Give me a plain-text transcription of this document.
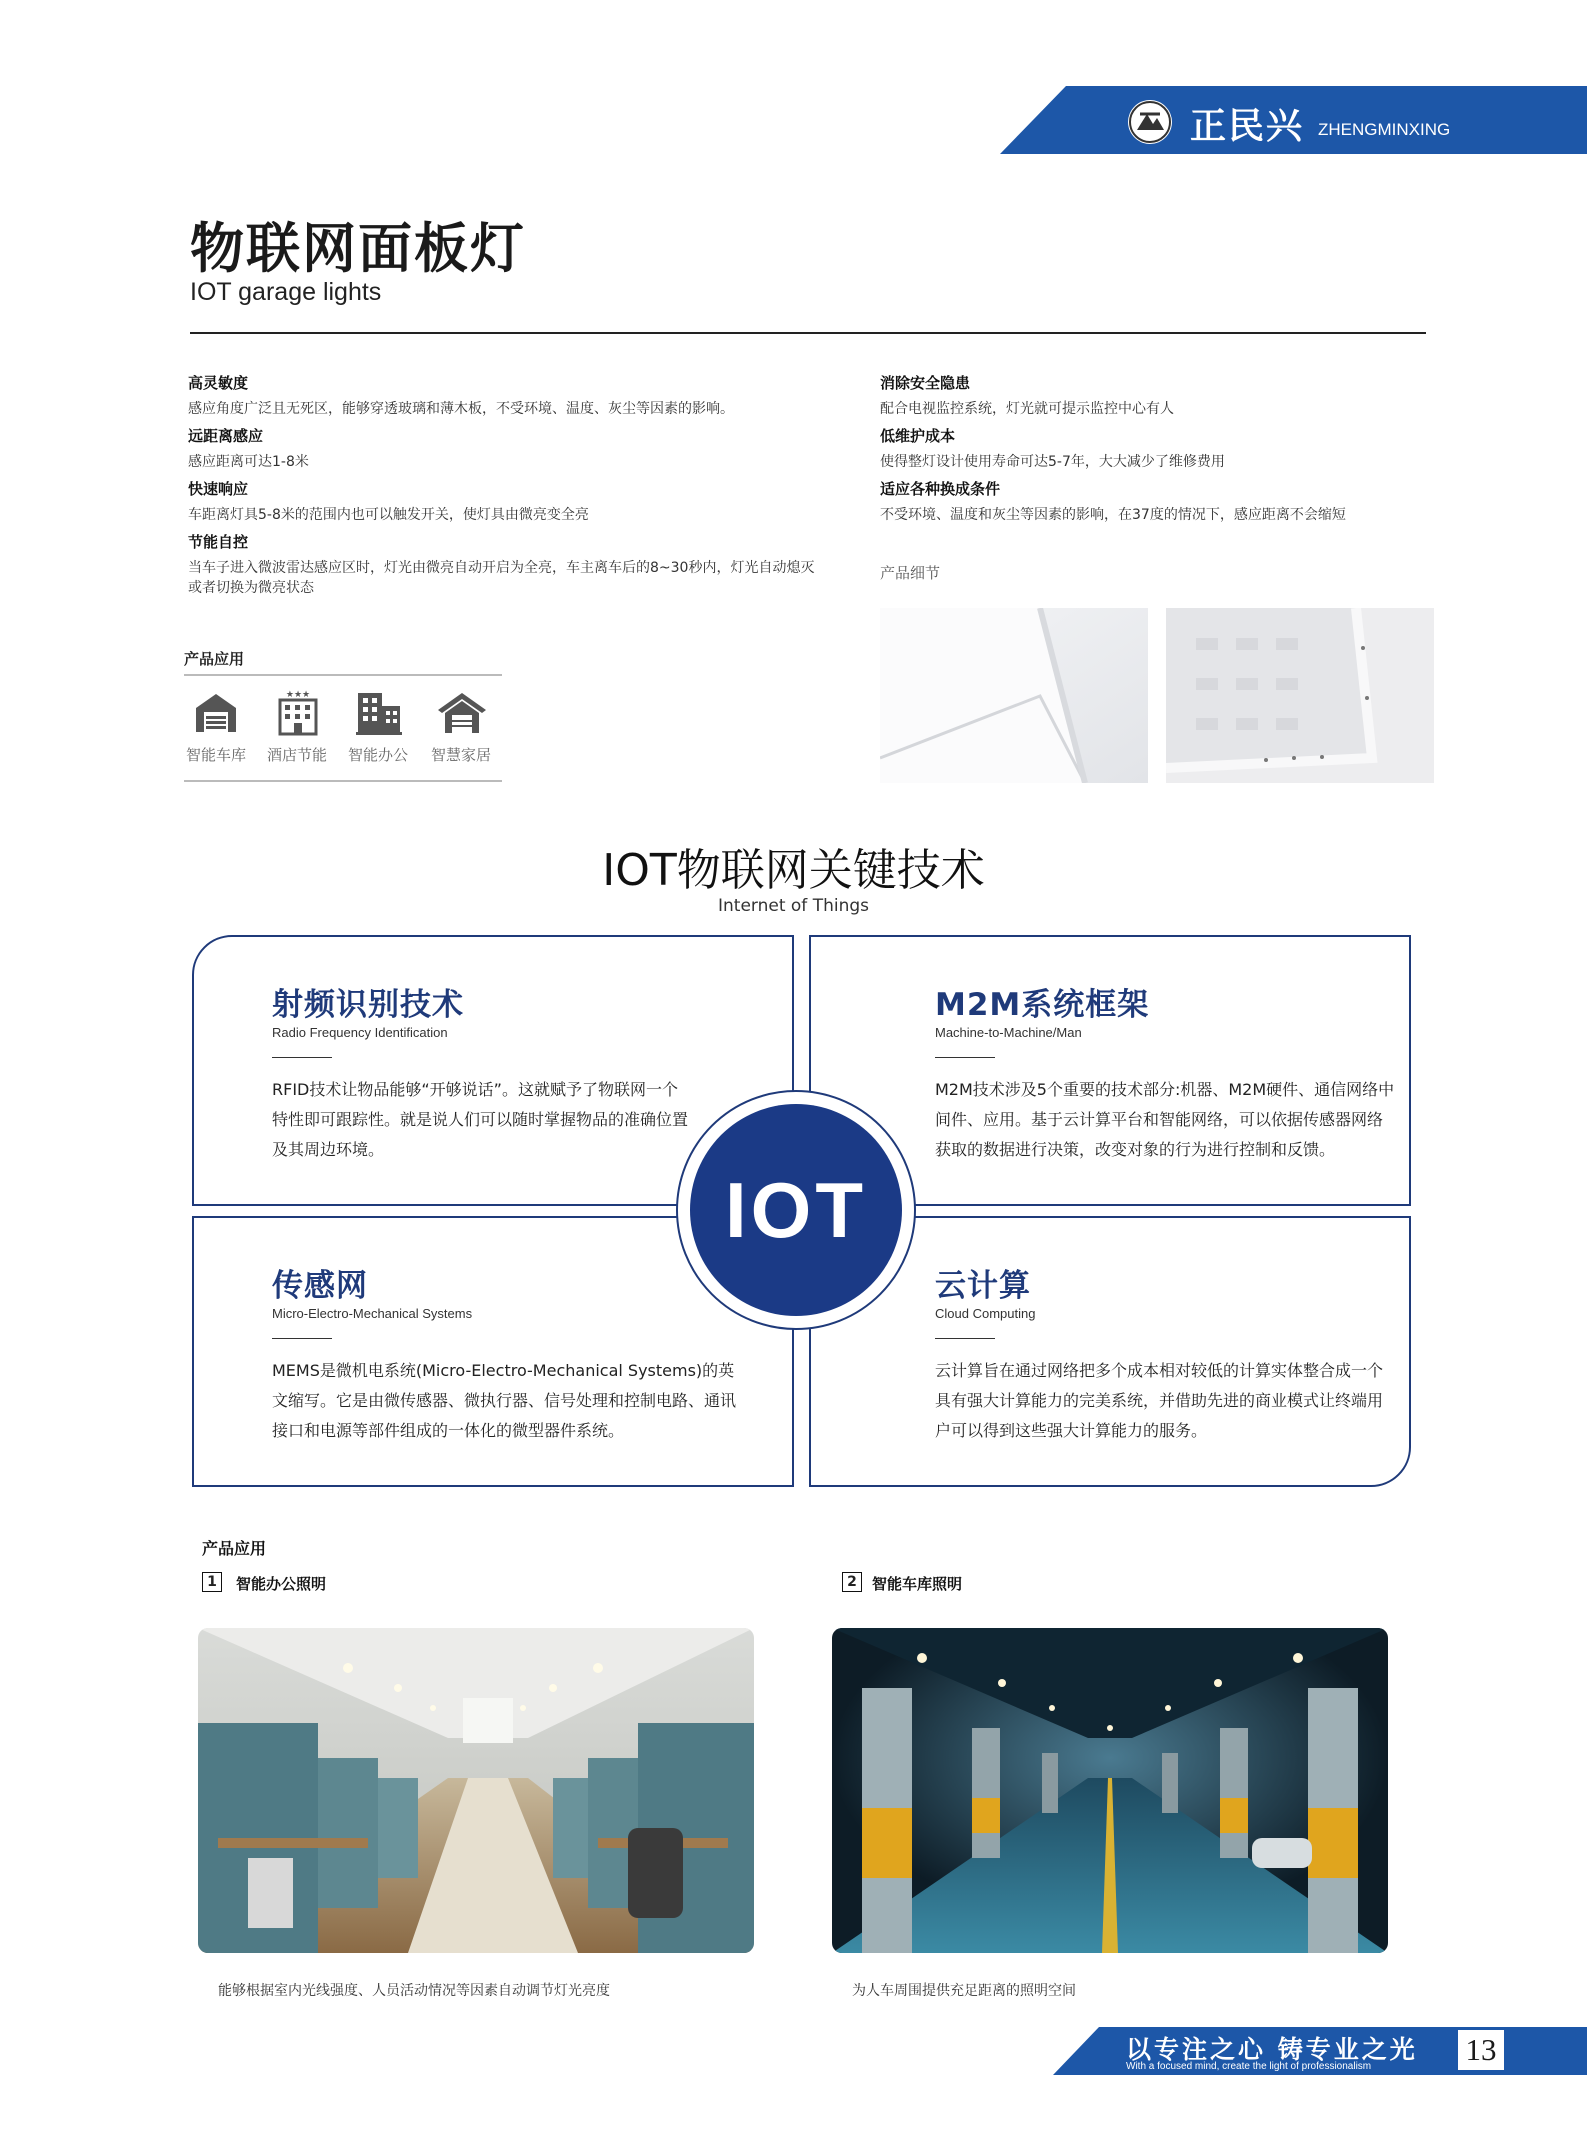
正民兴 ZHENGMINXING
物联网面板灯
IOT garage lights
高灵敏度
感应角度广泛且无死区，能够穿透玻璃和薄木板，不受环境、温度、灰尘等因素的影响。
远距离感应
感应距离可达1-8米
快速响应
车距离灯具5-8米的范围内也可以触发开关，使灯具由微亮变全亮
节能自控
当车子进入微波雷达感应区时，灯光由微亮自动开启为全亮，车主离车后的8~30秒内，灯光自动熄灭或者切换为微亮状态
消除安全隐患
配合电视监控系统，灯光就可提示监控中心有人
低维护成本
使得整灯设计使用寿命可达5-7年，大大减少了维修费用
适应各种换成条件
不受环境、温度和灰尘等因素的影响，在37度的情况下，感应距离不会缩短
产品应用
★★★
智能车库	酒店节能	智能办公	智慧家居
产品细节
IOT物联网关键技术
Internet of Things
射频识别技术
Radio Frequency Identification
RFID技术让物品能够“开够说话”。这就赋予了物联网一个特性即可跟踪性。就是说人们可以随时掌握物品的准确位置及其周边环境。
M2M系统框架
Machine-to-Machine/Man
M2M技术涉及5个重要的技术部分:机器、M2M硬件、通信网络中间件、应用。基于云计算平台和智能网络，可以依据传感器网络获取的数据进行决策，改变对象的行为进行控制和反馈。
传感网
Micro-Electro-Mechanical Systems
MEMS是微机电系统(Micro-Electro-Mechanical Systems)的英文缩写。它是由微传感器、微执行器、信号处理和控制电路、通讯接口和电源等部件组成的一体化的微型器件系统。
云计算
Cloud Computing
云计算旨在通过网络把多个成本相对较低的计算实体整合成一个具有强大计算能力的完美系统，并借助先进的商业模式让终端用户可以得到这些强大计算能力的服务。
IOT
产品应用
1	智能办公照明	2	智能车库照明
能够根据室内光线强度、人员活动情况等因素自动调节灯光亮度	为人车周围提供充足距离的照明空间
以专注之心 铸专业之光
With a focused mind, create the light of professionalism	13
